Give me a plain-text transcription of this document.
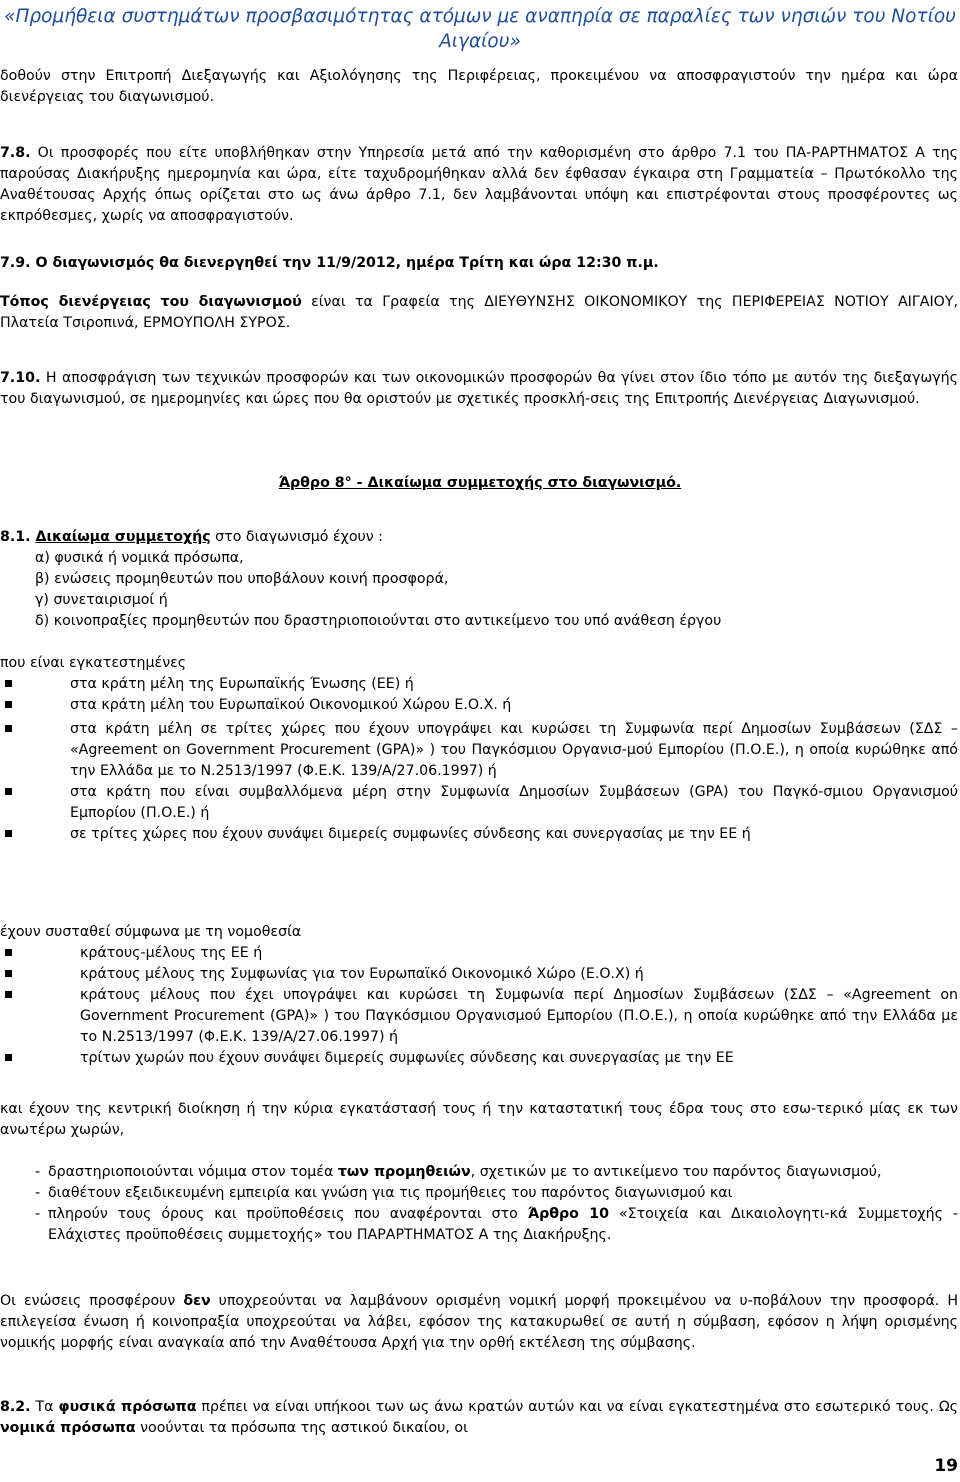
«Προμήθεια συστημάτων προσβασιμότητας ατόμων με αναπηρία σε παραλίες των νησιών του Νοτίου
Αιγαίου»

δοθούν στην Επιτροπή Διεξαγωγής και Αξιολόγησης της Περιφέρειας, προκειμένου να αποσφραγιστούν την ημέρα και ώρα διενέργειας του διαγωνισμού.

7.8. Οι προσφορές που είτε υποβλήθηκαν στην Υπηρεσία μετά από την καθορισμένη στο άρθρο 7.1 του ΠΑ-ΡΑΡΤΗΜΑΤΟΣ Α της παρούσας Διακήρυξης ημερομηνία και ώρα, είτε ταχυδρομήθηκαν αλλά δεν έφθασαν έγκαιρα στη Γραμματεία – Πρωτόκολλο της Αναθέτουσας Αρχής όπως ορίζεται στο ως άνω άρθρο 7.1, δεν λαμβάνονται υπόψη και επιστρέφονται στους προσφέροντες ως εκπρόθεσμες, χωρίς να αποσφραγιστούν.

7.9. Ο διαγωνισμός θα διενεργηθεί την 11/9/2012, ημέρα Τρίτη και ώρα 12:30 π.μ.

Τόπος διενέργειας του διαγωνισμού είναι τα Γραφεία της ΔΙΕΥΘΥΝΣΗΣ ΟΙΚΟΝΟΜΙΚΟΥ της ΠΕΡΙΦΕΡΕΙΑΣ ΝΟΤΙΟΥ ΑΙΓΑΙΟΥ, Πλατεία Τσιροπινά, ΕΡΜΟΥΠΟΛΗ ΣΥΡΟΣ.

7.10. Η αποσφράγιση των τεχνικών προσφορών και των οικονομικών προσφορών θα γίνει στον ίδιο τόπο με αυτόν της διεξαγωγής του διαγωνισμού, σε ημερομηνίες και ώρες που θα οριστούν με σχετικές προσκλή-σεις της Επιτροπής Διενέργειας Διαγωνισμού.

Άρθρο 8° - Δικαίωμα συμμετοχής στο διαγωνισμό.

8.1. Δικαίωμα συμμετοχής στο διαγωνισμό έχουν :

α) φυσικά ή νομικά πρόσωπα,

β) ενώσεις προμηθευτών που υποβάλουν κοινή προσφορά,

γ) συνεταιρισμοί ή

δ) κοινοπραξίες προμηθευτών που δραστηριοποιούνται στο αντικείμενο του υπό ανάθεση έργου

που είναι εγκατεστημένες

στα κράτη μέλη της Ευρωπαϊκής Ένωσης (ΕΕ) ή
στα κράτη μέλη του Ευρωπαϊκού Οικονομικού Χώρου Ε.Ο.Χ. ή
στα κράτη μέλη σε τρίτες χώρες που έχουν υπογράψει και κυρώσει τη Συμφωνία περί Δημοσίων Συμβάσεων (ΣΔΣ – «Agreement on Government Procurement (GPA)» ) του Παγκόσμιου Οργανισ-μού Εμπορίου (Π.Ο.Ε.), η οποία κυρώθηκε από την Ελλάδα με το Ν.2513/1997 (Φ.Ε.Κ. 139/Α/27.06.1997) ή
στα κράτη που είναι συμβαλλόμενα μέρη στην Συμφωνία Δημοσίων Συμβάσεων (GPA) του Παγκό-σμιου Οργανισμού Εμπορίου (Π.Ο.Ε.) ή
σε τρίτες χώρες που έχουν συνάψει διμερείς συμφωνίες σύνδεσης και συνεργασίας με την ΕΕ ή

έχουν συσταθεί σύμφωνα με τη νομοθεσία

κράτους-μέλους της ΕΕ ή
κράτους μέλους της Συμφωνίας για τον Ευρωπαϊκό Οικονομικό Χώρο (Ε.Ο.Χ) ή
κράτους μέλους που έχει υπογράψει και κυρώσει τη Συμφωνία περί Δημοσίων Συμβάσεων (ΣΔΣ – «Agreement on Government Procurement (GPA)» ) του Παγκόσμιου Οργανισμού Εμπορίου (Π.Ο.Ε.), η οποία κυρώθηκε από την Ελλάδα με το Ν.2513/1997 (Φ.Ε.Κ. 139/Α/27.06.1997) ή
τρίτων χωρών που έχουν συνάψει διμερείς συμφωνίες σύνδεσης και συνεργασίας με την ΕΕ

και έχουν της κεντρική διοίκηση ή την κύρια εγκατάστασή τους ή την καταστατική τους έδρα τους στο εσω-τερικό μίας εκ των ανωτέρω χωρών,

- δραστηριοποιούνται νόμιμα στον τομέα των προμηθειών, σχετικών με το αντικείμενο του παρόντος διαγωνισμού,
- διαθέτουν εξειδικευμένη εμπειρία και γνώση για τις προμήθειες του παρόντος διαγωνισμού και
- πληρούν τους όρους και προϋποθέσεις που αναφέρονται στο Άρθρο 10 «Στοιχεία και Δικαιολογητι-κά Συμμετοχής - Ελάχιστες προϋποθέσεις συμμετοχής» του ΠΑΡΑΡΤΗΜΑΤΟΣ Α της Διακήρυξης.

Οι ενώσεις προσφέρουν δεν υποχρεούνται να λαμβάνουν ορισμένη νομική μορφή προκειμένου να υ-ποβάλουν την προσφορά. Η επιλεγείσα ένωση ή κοινοπραξία υποχρεούται να λάβει, εφόσον της κατακυρωθεί σε αυτή η σύμβαση, εφόσον η λήψη ορισμένης νομικής μορφής είναι αναγκαία από την Αναθέτουσα Αρχή για την ορθή εκτέλεση της σύμβασης.

8.2. Τα φυσικά πρόσωπα πρέπει να είναι υπήκοοι των ως άνω κρατών αυτών και να είναι εγκατεστημένα στο εσωτερικό τους. Ως νομικά πρόσωπα νοούνται τα πρόσωπα της αστικού δικαίου, οι

19
